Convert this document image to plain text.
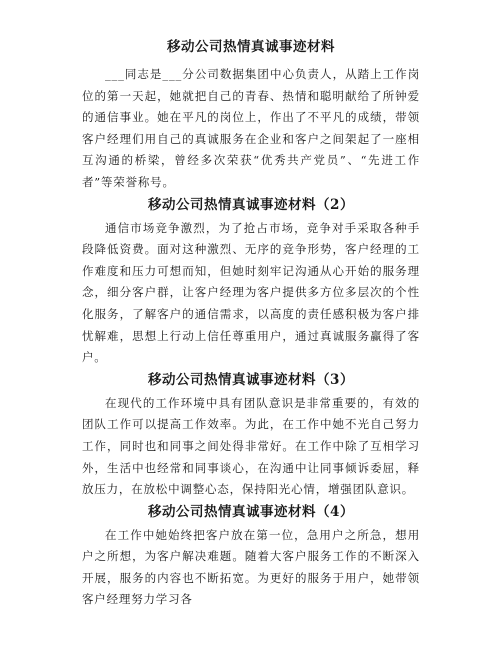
移动公司热情真诚事迹材料

___同志是___分公司数据集团中心负责人，从踏上工作岗位的第一天起，她就把自己的青春、热情和聪明献给了所钟爱的通信事业。她在平凡的岗位上，作出了不平凡的成绩，带领客户经理们用自己的真诚服务在企业和客户之间架起了一座相互沟通的桥梁，曾经多次荣获“优秀共产党员”、“先进工作者”等荣誉称号。

移动公司热情真诚事迹材料（2）

通信市场竞争激烈，为了抢占市场，竞争对手采取各种手段降低资费。面对这种激烈、无序的竞争形势，客户经理的工作难度和压力可想而知，但她时刻牢记沟通从心开始的服务理念，细分客户群，让客户经理为客户提供多方位多层次的个性化服务，了解客户的通信需求，以高度的责任感积极为客户排忧解难，思想上行动上信任尊重用户，通过真诚服务赢得了客户。

移动公司热情真诚事迹材料（3）

在现代的工作环境中具有团队意识是非常重要的，有效的团队工作可以提高工作效率。为此，在工作中她不光自己努力工作，同时也和同事之间处得非常好。在工作中除了互相学习外，生活中也经常和同事谈心，在沟通中让同事倾诉委屈，释放压力，在放松中调整心态，保持阳光心情，增强团队意识。

移动公司热情真诚事迹材料（4）

在工作中她始终把客户放在第一位，急用户之所急，想用户之所想，为客户解决难题。随着大客户服务工作的不断深入开展，服务的内容也不断拓宽。为更好的服务于用户，她带领客户经理努力学习各
